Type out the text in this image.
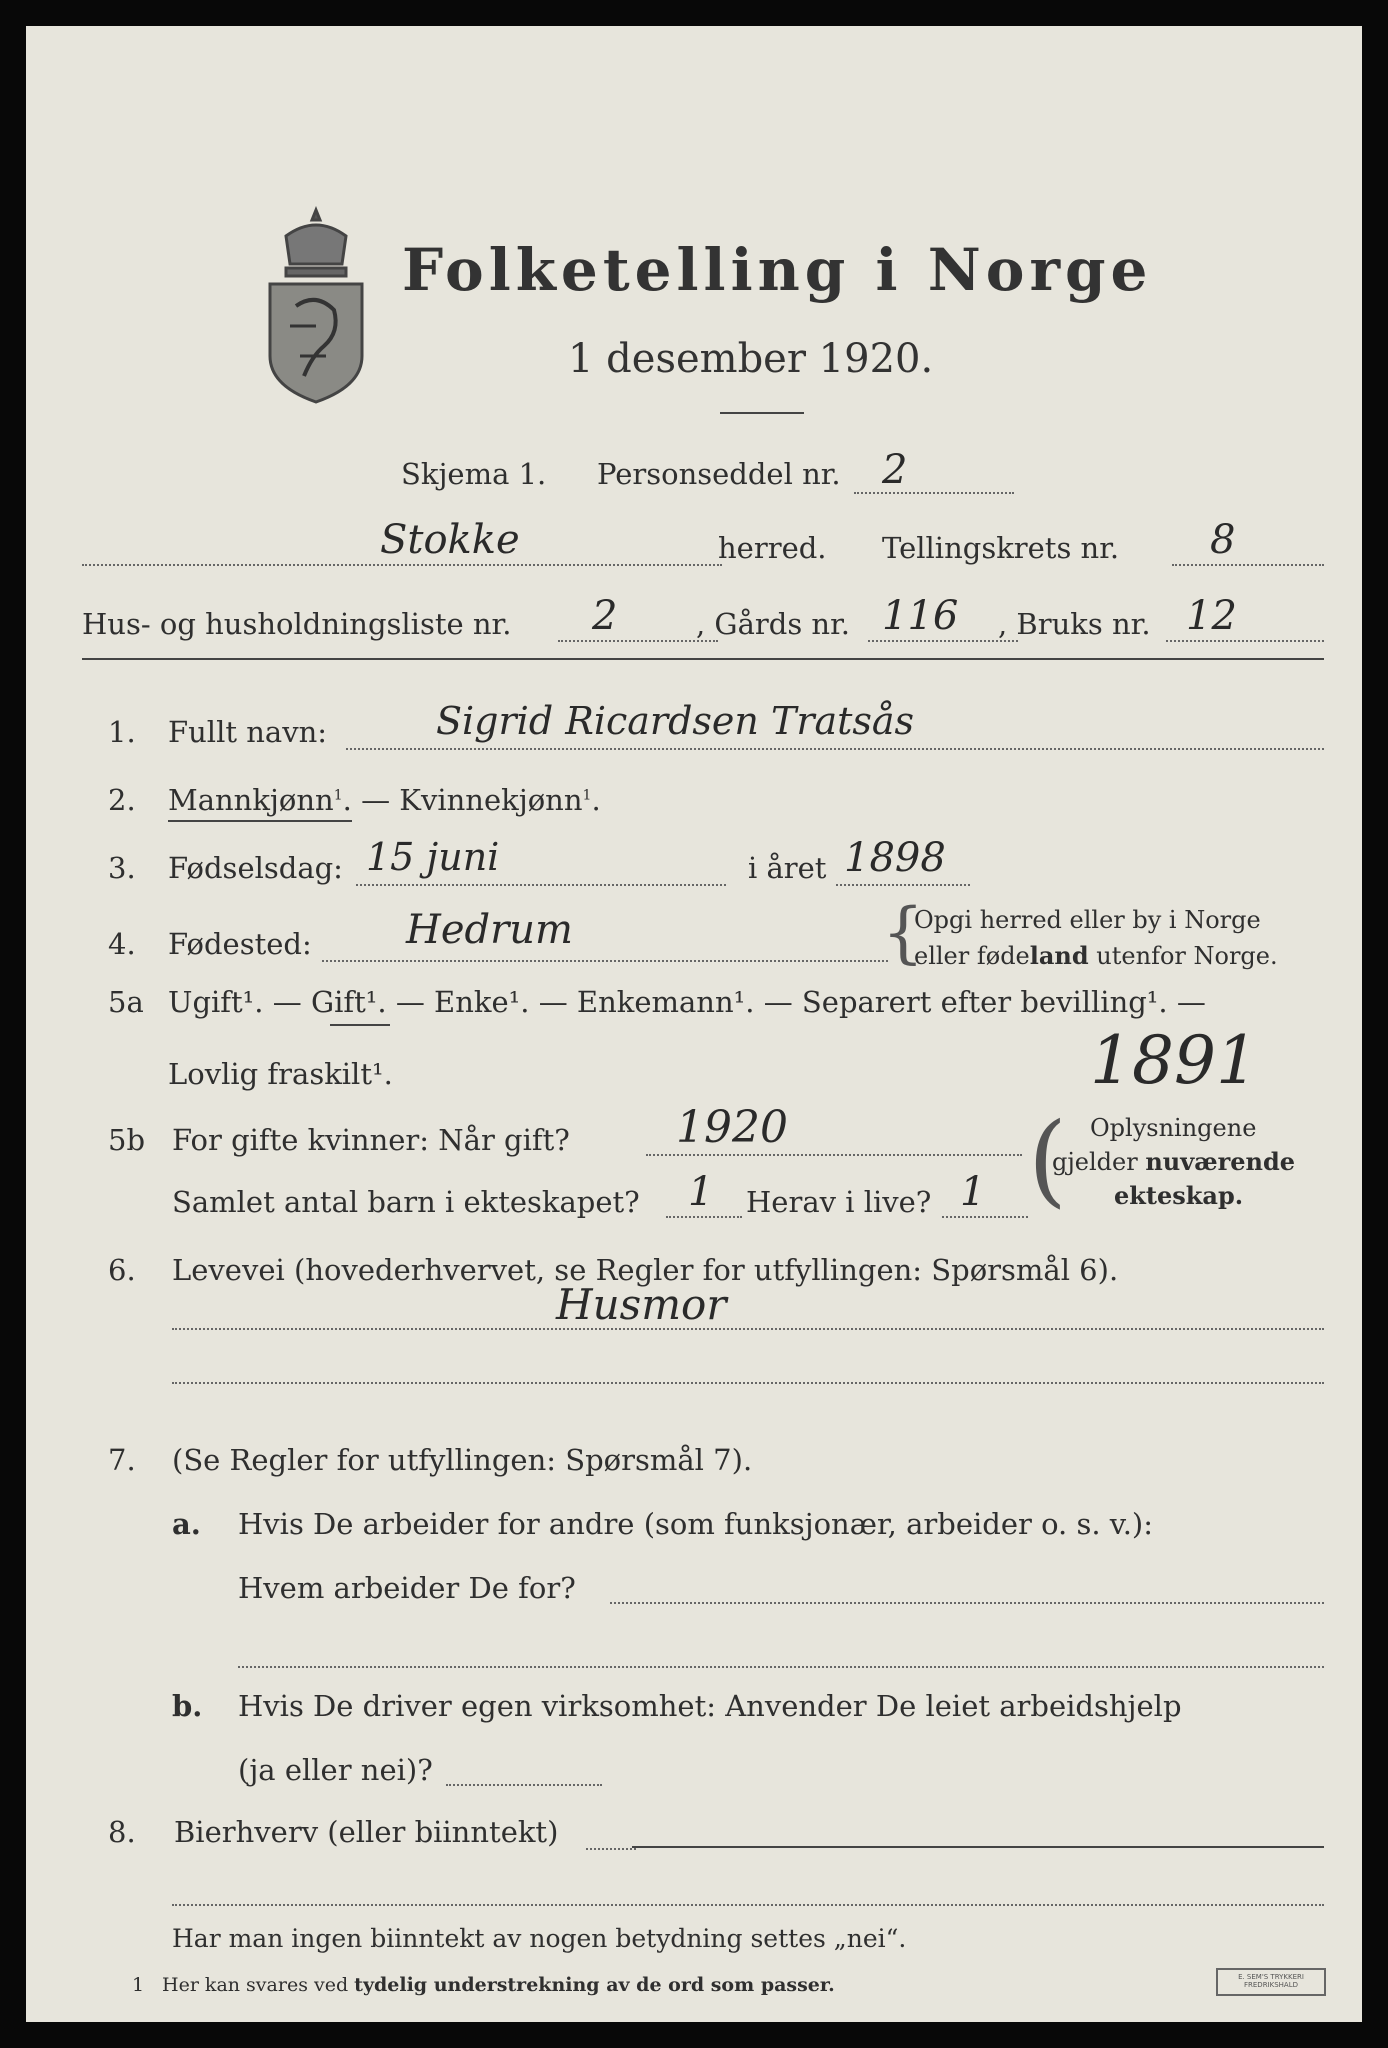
Folketelling i Norge
1 desember 1920.
Skjema 1. Personseddel nr. 2
Stokke	herred. Tellingskrets nr. 8
Hus- og husholdningsliste nr. 2	, Gårds nr. 116 , Bruks nr. 12
1. Fullt navn:	Sigrid Ricardsen Tratsås
2. Mannkjønn$^1$. — Kvinnekjønn$^1$.
3. Fødselsdag: 15 juni	i året 1898
4. Fødested: Hedrum	{
Opgi herred eller by i Norge
eller fødeland utenfor Norge.
5a Ugift¹. — Gift¹. — Enke¹. — Enkemann¹. — Separert efter bevilling¹. —
Lovlig fraskilt¹.	1891
5b For gifte kvinner: Når gift? 1920
Samlet antal barn i ekteskapet? 1 Herav i live? 1 ( Oplysningene
gjelder nuværende
ekteskap.
6. Levevei (hovederhvervet, se Regler for utfyllingen: Spørsmål 6).
Husmor
7. (Se Regler for utfyllingen: Spørsmål 7).
a. Hvis De arbeider for andre (som funksjonær, arbeider o. s. v.):
Hvem arbeider De for?
b. Hvis De driver egen virksomhet: Anvender De leiet arbeidshjelp
(ja eller nei)?
8. Bierhverv (eller biinntekt)
Har man ingen biinntekt av nogen betydning settes „nei“.
1 Her kan svares ved tydelig understrekning av de ord som passer.	E. SEM'S TRYKKERI FREDRIKSHALD
